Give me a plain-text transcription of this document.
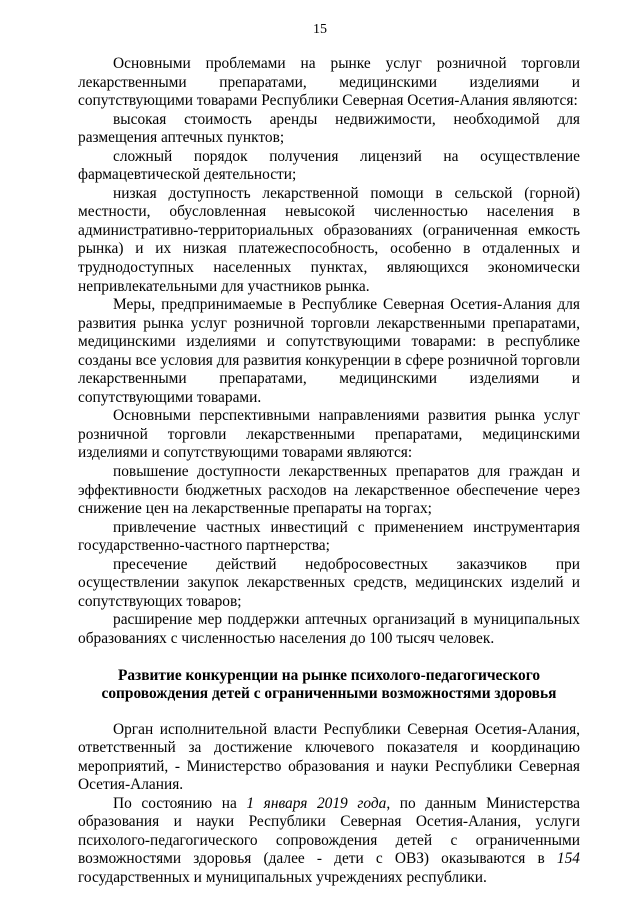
15

Основными проблемами на рынке услуг розничной торговли лекарственными препаратами, медицинскими изделиями и сопутствующими товарами Республики Северная Осетия-Алания являются:

высокая стоимость аренды недвижимости, необходимой для размещения аптечных пунктов;

сложный порядок получения лицензий на осуществление фармацевтической деятельности;

низкая доступность лекарственной помощи в сельской (горной) местности, обусловленная невысокой численностью населения в административно-территориальных образованиях (ограниченная емкость рынка) и их низкая платежеспособность, особенно в отдаленных и труднодоступных населенных пунктах, являющихся экономически непривлекательными для участников рынка.

Меры, предпринимаемые в Республике Северная Осетия-Алания для развития рынка услуг розничной торговли лекарственными препаратами, медицинскими изделиями и сопутствующими товарами: в республике созданы все условия для развития конкуренции в сфере розничной торговли лекарственными препаратами, медицинскими изделиями и сопутствующими товарами.

Основными перспективными направлениями развития рынка услуг розничной торговли лекарственными препаратами, медицинскими изделиями и сопутствующими товарами являются:

повышение доступности лекарственных препаратов для граждан и эффективности бюджетных расходов на лекарственное обеспечение через снижение цен на лекарственные препараты на торгах;

привлечение частных инвестиций с применением инструментария государственно-частного партнерства;

пресечение действий недобросовестных заказчиков при осуществлении закупок лекарственных средств, медицинских изделий и сопутствующих товаров;

расширение мер поддержки аптечных организаций в муниципальных образованиях с численностью населения до 100 тысяч человек.

Развитие конкуренции на рынке психолого-педагогического
сопровождения детей с ограниченными возможностями здоровья

Орган исполнительной власти Республики Северная Осетия-Алания, ответственный за достижение ключевого показателя и координацию мероприятий, - Министерство образования и науки Республики Северная Осетия-Алания.

По состоянию на 1 января 2019 года, по данным Министерства образования и науки Республики Северная Осетия-Алания, услуги психолого-педагогического сопровождения детей с ограниченными возможностями здоровья (далее - дети с ОВЗ) оказываются в 154 государственных и муниципальных учреждениях республики.
